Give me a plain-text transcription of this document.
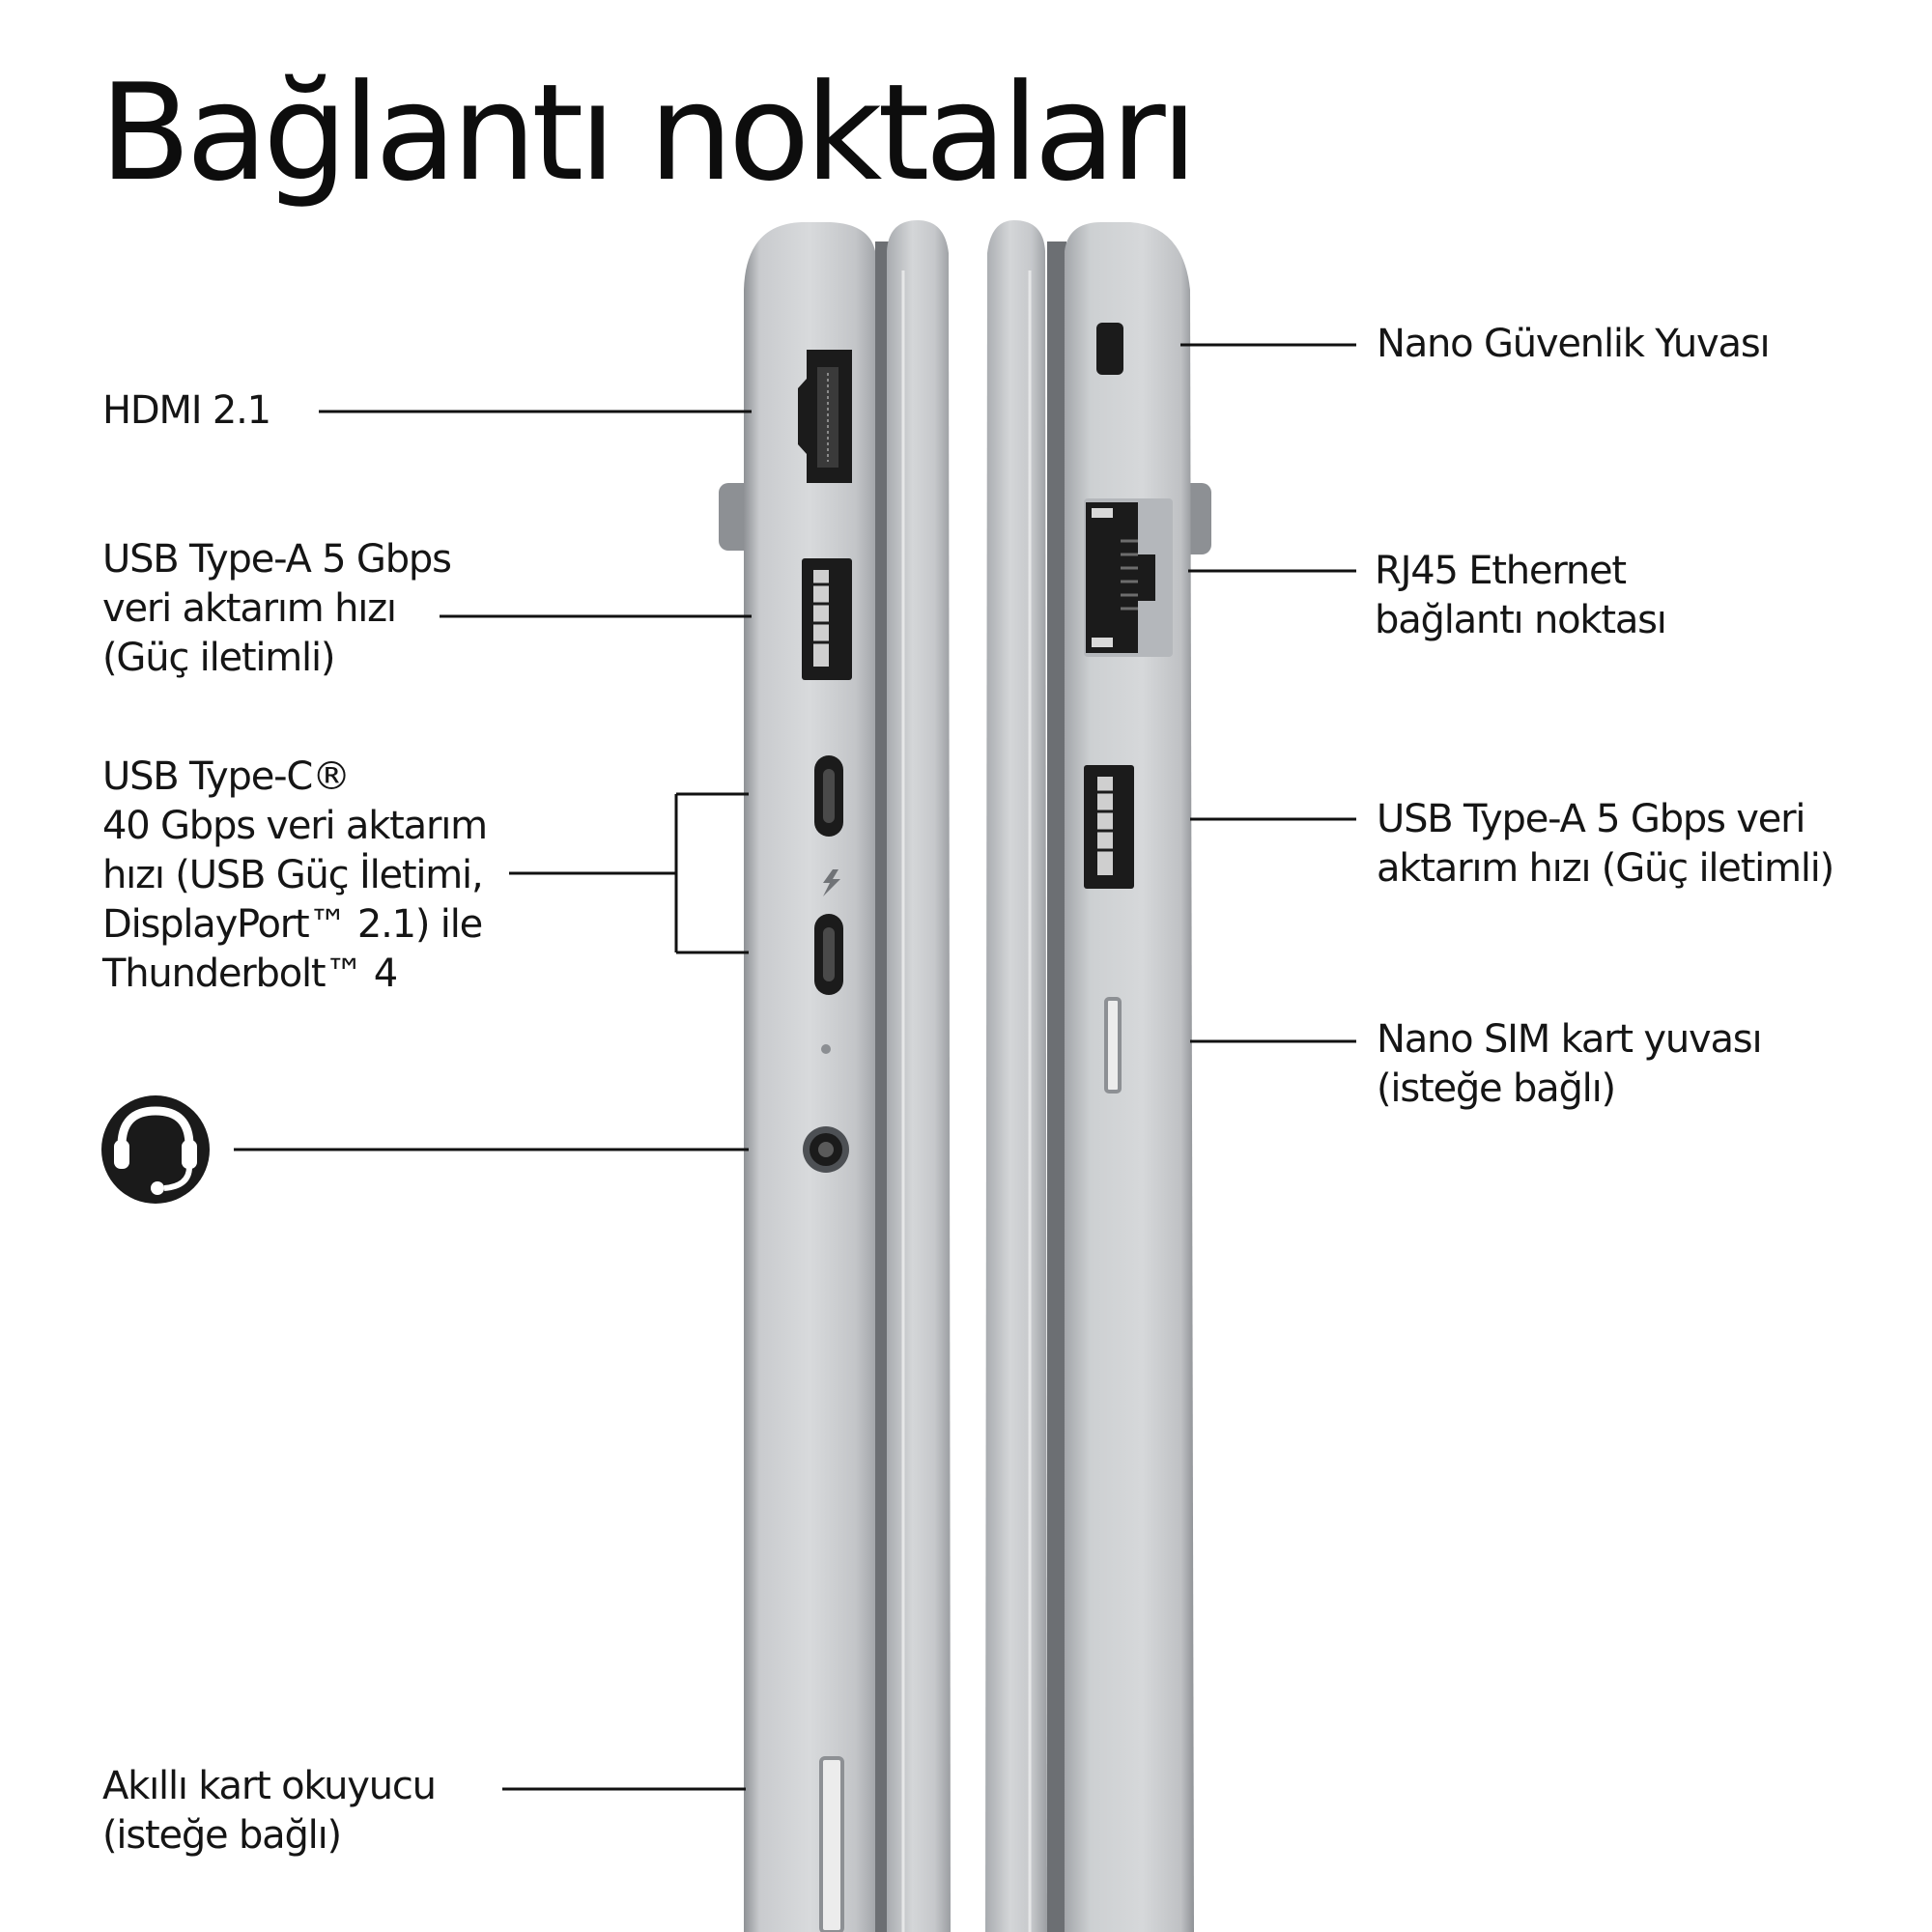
Bağlantı noktaları
HDMI 2.1
USB Type-A 5 Gbps
veri aktarım hızı
(Güç iletimli)
USB Type-C®
40 Gbps veri aktarım
hızı (USB Güç İletimi,
DisplayPort™ 2.1) ile
Thunderbolt™ 4
Akıllı kart okuyucu
(isteğe bağlı)
Nano Güvenlik Yuvası
RJ45 Ethernet
bağlantı noktası
USB Type-A 5 Gbps veri
aktarım hızı (Güç iletimli)
Nano SIM kart yuvası
(isteğe bağlı)
